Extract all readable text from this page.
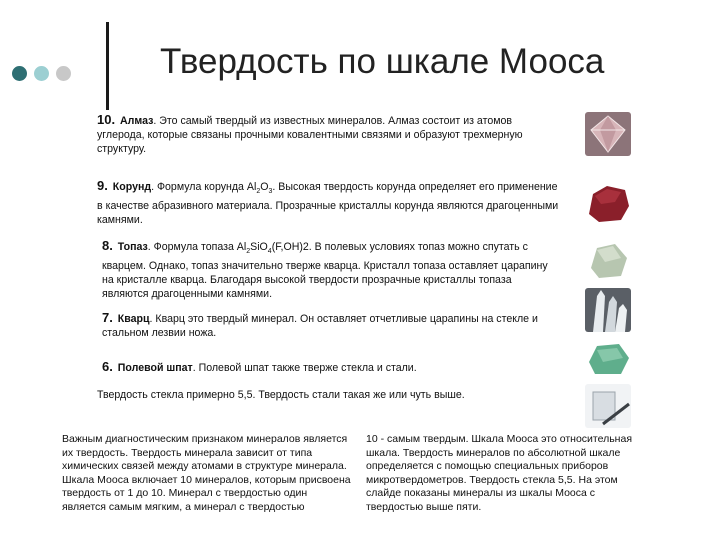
Твердость по шкале Мооса
10. Алмаз. Это самый твердый из известных минералов. Алмаз состоит из атомов углерода, которые связаны прочными ковалентными связями и образуют трехмерную структуру.
9. Корунд. Формула корунда $Al_2O_3$. Высокая твердость корунда определяет его применение в качестве абразивного материала. Прозрачные кристаллы корунда являются драгоценными камнями.
8. Топаз. Формула топаза $Al_2SiO_4(F,OH)2$. В полевых условиях топаз можно спутать с кварцем. Однако, топаз значительно тверже кварца. Кристалл топаза оставляет царапину на кристалле кварца. Благодаря высокой твердости прозрачные кристаллы топаза являются драгоценными камнями.
7. Кварц. Кварц это твердый минерал. Он оставляет отчетливые царапины на стекле и стальном лезвии ножа.
6. Полевой шпат. Полевой шпат также тверже стекла и стали.
Твердость стекла примерно 5,5. Твердость стали такая же или чуть выше.
Важным диагностическим признаком минералов является их твердость. Твердость минерала зависит от типа химических связей между атомами в структуре минерала. Шкала Мооса включает 10 минералов, которым присвоена твердость от 1 до 10. Минерал с твердостью один является самым мягким, а минерал с твердостью
10 - самым твердым. Шкала Мооса это относительная шкала. Твердость минералов по абсолютной шкале определяется с помощью специальных приборов микротвердометров. Твердость стекла 5,5. На этом слайде показаны минералы из шкалы Мооса с твердостью выше пяти.
